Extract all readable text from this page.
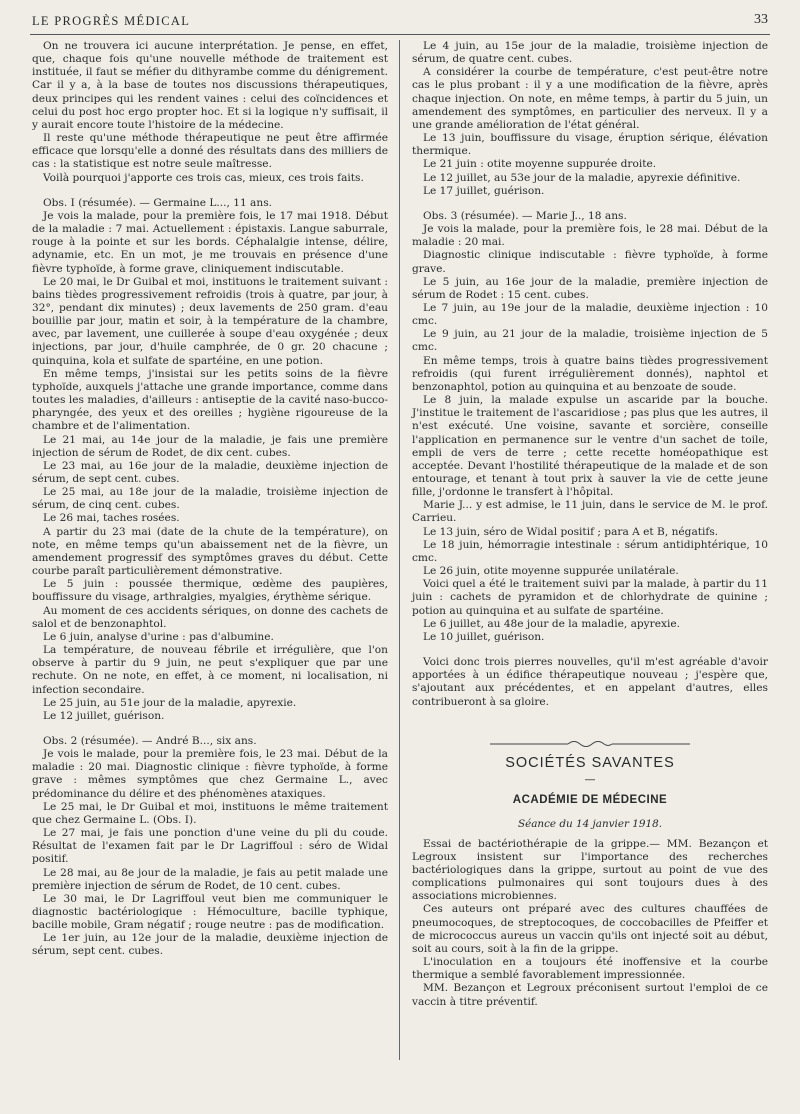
LE PROGRÈS MÉDICAL	33

On ne trouvera ici aucune interprétation. Je pense, en effet, que, chaque fois qu'une nouvelle méthode de traitement est instituée, il faut se méfier du dithyrambe comme du dénigrement. Car il y a, à la base de toutes nos discussions thérapeutiques, deux principes qui les rendent vaines : celui des coïncidences et celui du post hoc ergo propter hoc. Et si la logique n'y suffisait, il y aurait encore toute l'histoire de la médecine.

Il reste qu'une méthode thérapeutique ne peut être affirmée efficace que lorsqu'elle a donné des résultats dans des milliers de cas : la statistique est notre seule maîtresse.

Voilà pourquoi j'apporte ces trois cas, mieux, ces trois faits.

Obs. I (résumée). — Germaine L..., 11 ans.

Je vois la malade, pour la première fois, le 17 mai 1918. Début de la maladie : 7 mai. Actuellement : épistaxis. Langue saburrale, rouge à la pointe et sur les bords. Céphalalgie intense, délire, adynamie, etc. En un mot, je me trouvais en présence d'une fièvre typhoïde, à forme grave, cliniquement indiscutable.

Le 20 mai, le Dr Guibal et moi, instituons le traitement suivant : bains tièdes progressivement refroidis (trois à quatre, par jour, à 32°, pendant dix minutes) ; deux lavements de 250 gram. d'eau bouillie par jour, matin et soir, à la température de la chambre, avec, par lavement, une cuillerée à soupe d'eau oxygénée ; deux injections, par jour, d'huile camphrée, de 0 gr. 20 chacune ; quinquina, kola et sulfate de spartéine, en une potion.

En même temps, j'insistai sur les petits soins de la fièvre typhoïde, auxquels j'attache une grande importance, comme dans toutes les maladies, d'ailleurs : antiseptie de la cavité naso-bucco-pharyngée, des yeux et des oreilles ; hygiène rigoureuse de la chambre et de l'alimentation.

Le 21 mai, au 14e jour de la maladie, je fais une première injection de sérum de Rodet, de dix cent. cubes.

Le 23 mai, au 16e jour de la maladie, deuxième injection de sérum, de sept cent. cubes.

Le 25 mai, au 18e jour de la maladie, troisième injection de sérum, de cinq cent. cubes.

Le 26 mai, taches rosées.

A partir du 23 mai (date de la chute de la température), on note, en même temps qu'un abaissement net de la fièvre, un amendement progressif des symptômes graves du début. Cette courbe paraît particulièrement démonstrative.

Le 5 juin : poussée thermique, œdème des paupières, bouffissure du visage, arthralgies, myalgies, érythème sérique.

Au moment de ces accidents sériques, on donne des cachets de salol et de benzonaphtol.

Le 6 juin, analyse d'urine : pas d'albumine.

La température, de nouveau fébrile et irrégulière, que l'on observe à partir du 9 juin, ne peut s'expliquer que par une rechute. On ne note, en effet, à ce moment, ni localisation, ni infection secondaire.

Le 25 juin, au 51e jour de la maladie, apyrexie.

Le 12 juillet, guérison.

Obs. 2 (résumée). — André B..., six ans.

Je vois le malade, pour la première fois, le 23 mai. Début de la maladie : 20 mai. Diagnostic clinique : fièvre typhoïde, à forme grave : mêmes symptômes que chez Germaine L., avec prédominance du délire et des phénomènes ataxiques.

Le 25 mai, le Dr Guibal et moi, instituons le même traitement que chez Germaine L. (Obs. I).

Le 27 mai, je fais une ponction d'une veine du pli du coude. Résultat de l'examen fait par le Dr Lagriffoul : séro de Widal positif.

Le 28 mai, au 8e jour de la maladie, je fais au petit malade une première injection de sérum de Rodet, de 10 cent. cubes.

Le 30 mai, le Dr Lagriffoul veut bien me communiquer le diagnostic bactériologique : Hémoculture, bacille typhique, bacille mobile, Gram négatif ; rouge neutre : pas de modification.

Le 1er juin, au 12e jour de la maladie, deuxième injection de sérum, sept cent. cubes.

Le 4 juin, au 15e jour de la maladie, troisième injection de sérum, de quatre cent. cubes.

A considérer la courbe de température, c'est peut-être notre cas le plus probant : il y a une modification de la fièvre, après chaque injection. On note, en même temps, à partir du 5 juin, un amendement des symptômes, en particulier des nerveux. Il y a une grande amélioration de l'état général.

Le 13 juin, bouffissure du visage, éruption sérique, élévation thermique.

Le 21 juin : otite moyenne suppurée droite.

Le 12 juillet, au 53e jour de la maladie, apyrexie définitive.

Le 17 juillet, guérison.

Obs. 3 (résumée). — Marie J.., 18 ans.

Je vois la malade, pour la première fois, le 28 mai. Début de la maladie : 20 mai.

Diagnostic clinique indiscutable : fièvre typhoïde, à forme grave.

Le 5 juin, au 16e jour de la maladie, première injection de sérum de Rodet : 15 cent. cubes.

Le 7 juin, au 19e jour de la maladie, deuxième injection : 10 cmc.

Le 9 juin, au 21 jour de la maladie, troisième injection de 5 cmc.

En même temps, trois à quatre bains tièdes progressivement refroidis (qui furent irrégulièrement donnés), naphtol et benzonaphtol, potion au quinquina et au benzoate de soude.

Le 8 juin, la malade expulse un ascaride par la bouche. J'institue le traitement de l'ascaridiose ; pas plus que les autres, il n'est exécuté. Une voisine, savante et sorcière, conseille l'application en permanence sur le ventre d'un sachet de toile, empli de vers de terre ; cette recette homéopathique est acceptée. Devant l'hostilité thérapeutique de la malade et de son entourage, et tenant à tout prix à sauver la vie de cette jeune fille, j'ordonne le transfert à l'hôpital.

Marie J... y est admise, le 11 juin, dans le service de M. le prof. Carrieu.

Le 13 juin, séro de Widal positif ; para A et B, négatifs.

Le 18 juin, hémorragie intestinale : sérum antidiphtérique, 10 cmc.

Le 26 juin, otite moyenne suppurée unilatérale.

Voici quel a été le traitement suivi par la malade, à partir du 11 juin : cachets de pyramidon et de chlorhydrate de quinine ; potion au quinquina et au sulfate de spartéine.

Le 6 juillet, au 48e jour de la maladie, apyrexie.

Le 10 juillet, guérison.

Voici donc trois pierres nouvelles, qu'il m'est agréable d'avoir apportées à un édifice thérapeutique nouveau ; j'espère que, s'ajoutant aux précédentes, et en appelant d'autres, elles contribueront à sa gloire.

SOCIÉTÉS SAVANTES
—
ACADÉMIE DE MÉDECINE
Séance du 14 janvier 1918.

Essai de bactériothérapie de la grippe.— MM. Bezançon et Legroux insistent sur l'importance des recherches bactériologiques dans la grippe, surtout au point de vue des complications pulmonaires qui sont toujours dues à des associations microbiennes.

Ces auteurs ont préparé avec des cultures chauffées de pneumocoques, de streptocoques, de coccobacilles de Pfeiffer et de micrococcus aureus un vaccin qu'ils ont injecté soit au début, soit au cours, soit à la fin de la grippe.

L'inoculation en a toujours été inoffensive et la courbe thermique a semblé favorablement impressionnée.

MM. Bezançon et Legroux préconisent surtout l'emploi de ce vaccin à titre préventif.
